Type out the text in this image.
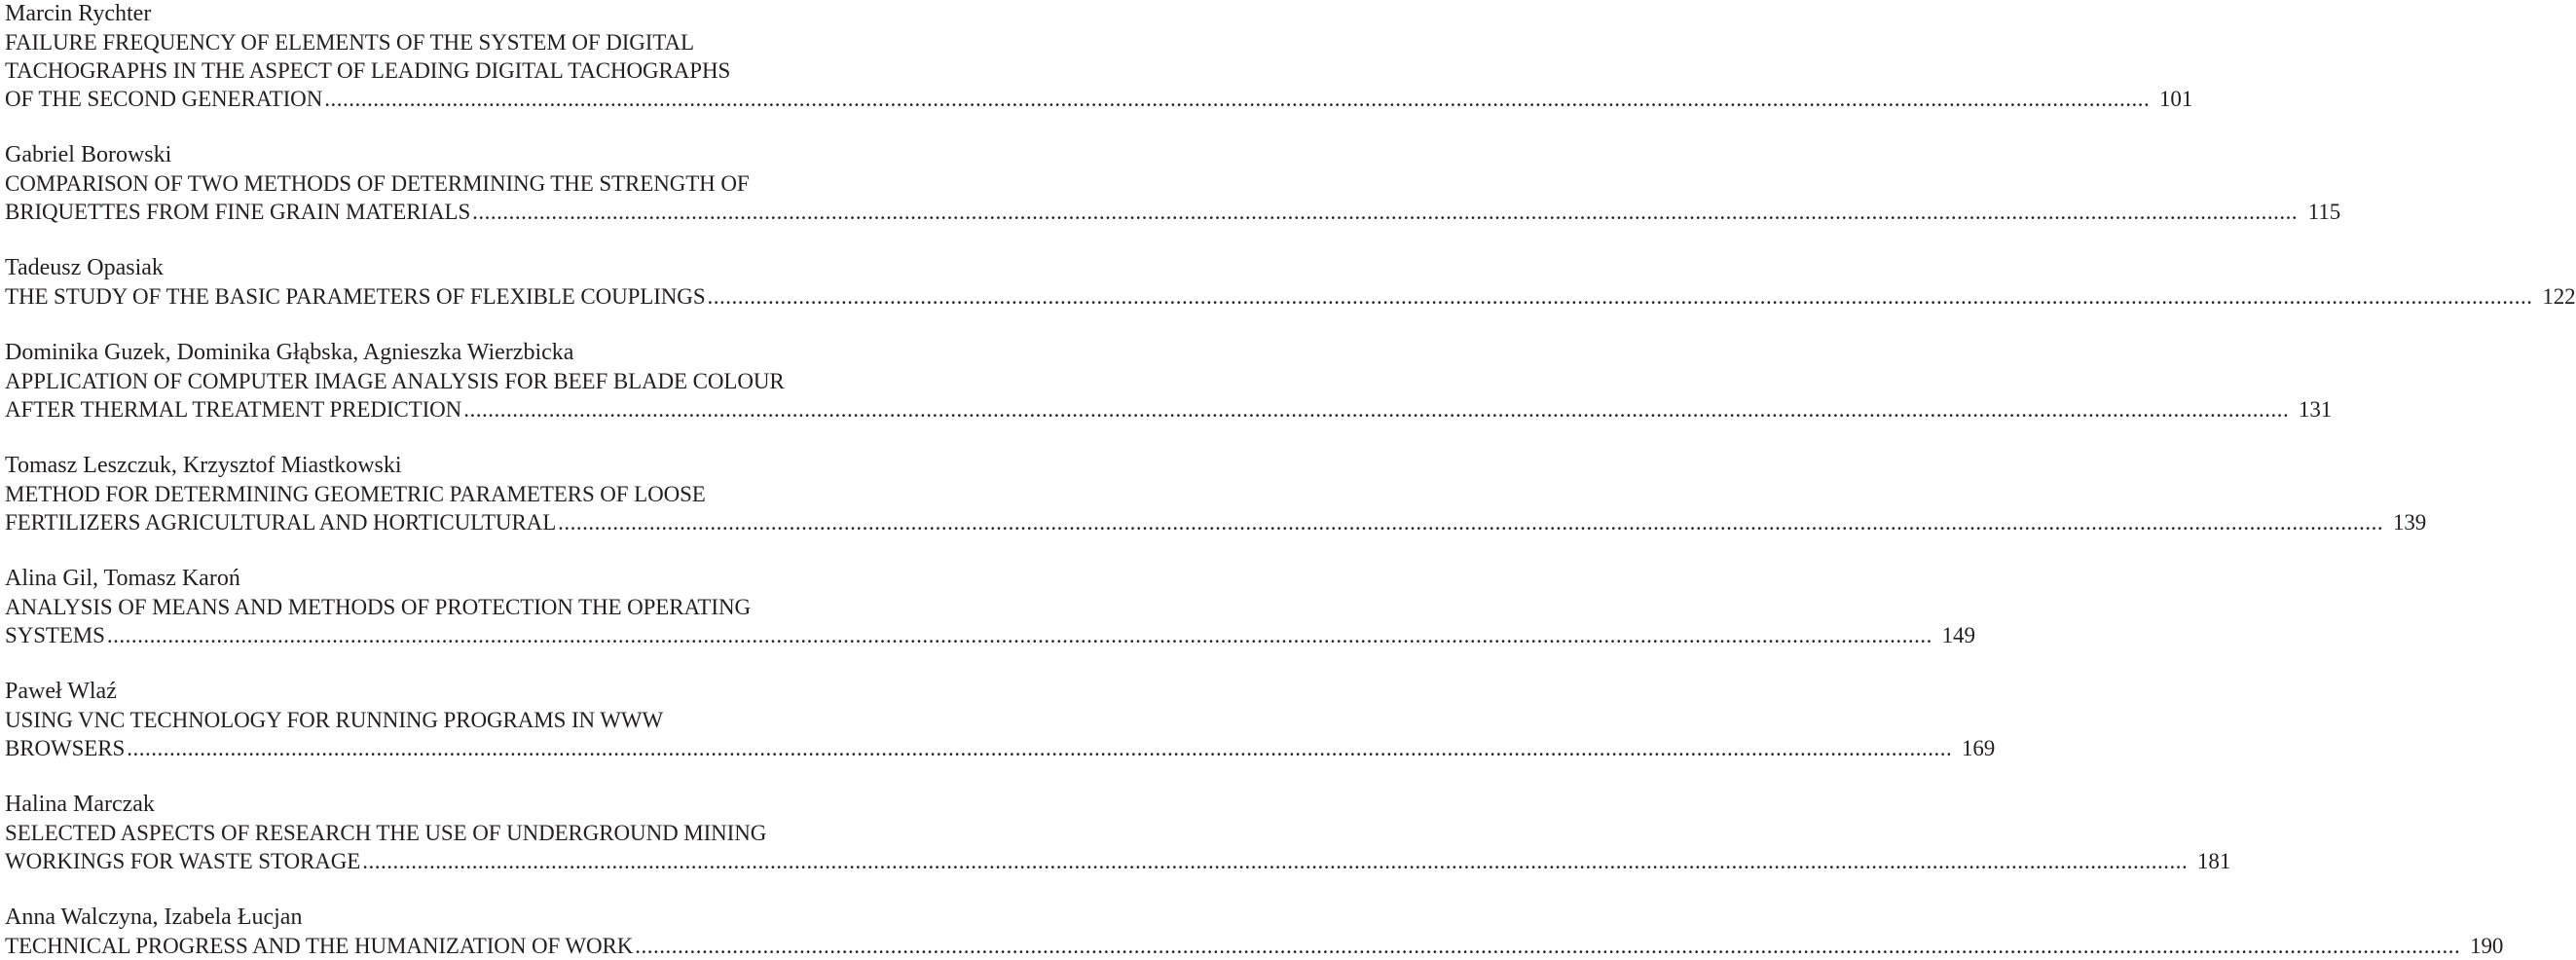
Marcin Rychter
FAILURE FREQUENCY OF ELEMENTS OF THE SYSTEM OF DIGITAL
TACHOGRAPHS IN THE ASPECT OF LEADING DIGITAL TACHOGRAPHS
OF THE SECOND GENERATION ............................................................................................................................................................................................................................................................................................................ 101
Gabriel Borowski
COMPARISON OF TWO METHODS OF DETERMINING THE STRENGTH OF
BRIQUETTES FROM FINE GRAIN MATERIALS ............................................................................................................................................................................................................................................................................................................ 115
Tadeusz Opasiak
THE STUDY OF THE BASIC PARAMETERS OF FLEXIBLE COUPLINGS ............................................................................................................................................................................................................................................................................................................ 122
Dominika Guzek, Dominika Głąbska, Agnieszka Wierzbicka
APPLICATION OF COMPUTER IMAGE ANALYSIS FOR BEEF BLADE COLOUR
AFTER THERMAL TREATMENT PREDICTION ............................................................................................................................................................................................................................................................................................................ 131
Tomasz Leszczuk, Krzysztof Miastkowski
METHOD FOR DETERMINING GEOMETRIC PARAMETERS OF LOOSE
FERTILIZERS AGRICULTURAL AND HORTICULTURAL ............................................................................................................................................................................................................................................................................................................ 139
Alina Gil, Tomasz Karoń
ANALYSIS OF MEANS AND METHODS OF PROTECTION THE OPERATING
SYSTEMS ............................................................................................................................................................................................................................................................................................................ 149
Paweł Wlaź
USING VNC TECHNOLOGY FOR RUNNING PROGRAMS IN WWW
BROWSERS ............................................................................................................................................................................................................................................................................................................ 169
Halina Marczak
SELECTED ASPECTS OF RESEARCH THE USE OF UNDERGROUND MINING
WORKINGS FOR WASTE STORAGE ............................................................................................................................................................................................................................................................................................................ 181
Anna Walczyna, Izabela Łucjan
TECHNICAL PROGRESS AND THE HUMANIZATION OF WORK ............................................................................................................................................................................................................................................................................................................ 190
